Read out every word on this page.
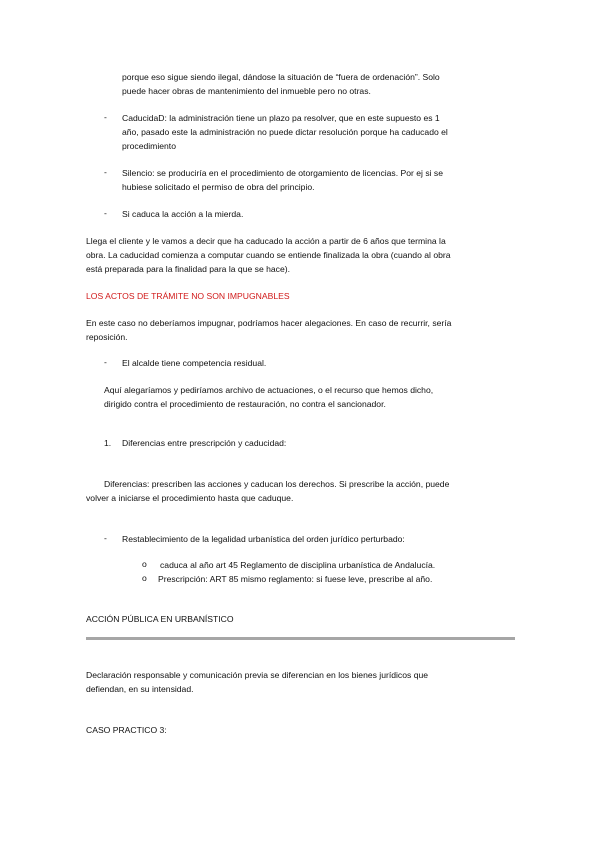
porque eso sigue siendo ilegal, dándose la situación de “fuera de ordenación”. Solo
puede hacer obras de mantenimiento del inmueble pero no otras.
- CaducidaD: la administración tiene un plazo pa resolver, que en este supuesto es 1
año, pasado este la administración no puede dictar resolución porque ha caducado el
procedimiento
- Silencio: se produciría en el procedimiento de otorgamiento de licencias. Por ej si se
hubiese solicitado el permiso de obra del principio.
- Si caduca la acción a la mierda.
Llega el cliente y le vamos a decir que ha caducado la acción a partir de 6 años que termina la
obra. La caducidad comienza a computar cuando se entiende finalizada la obra (cuando al obra
está preparada para la finalidad para la que se hace).
LOS ACTOS DE TRÁMITE NO SON IMPUGNABLES
En este caso no deberíamos impugnar, podríamos hacer alegaciones. En caso de recurrir, sería
reposición.
- El alcalde tiene competencia residual.
Aquí alegaríamos y pediríamos archivo de actuaciones, o el recurso que hemos dicho,
dirigido contra el procedimiento de restauración, no contra el sancionador.
1. Diferencias entre prescripción y caducidad:
Diferencias: prescriben las acciones y caducan los derechos. Si prescribe la acción, puede
volver a iniciarse el procedimiento hasta que caduque.
- Restablecimiento de la legalidad urbanística del orden jurídico perturbado:
o caduca al año art 45 Reglamento de disciplina urbanística de Andalucía.
o Prescripción: ART 85 mismo reglamento: si fuese leve, prescribe al año.
ACCIÓN PÚBLICA EN URBANÍSTICO
Declaración responsable y comunicación previa se diferencian en los bienes jurídicos que
defiendan, en su intensidad.
CASO PRACTICO 3:
